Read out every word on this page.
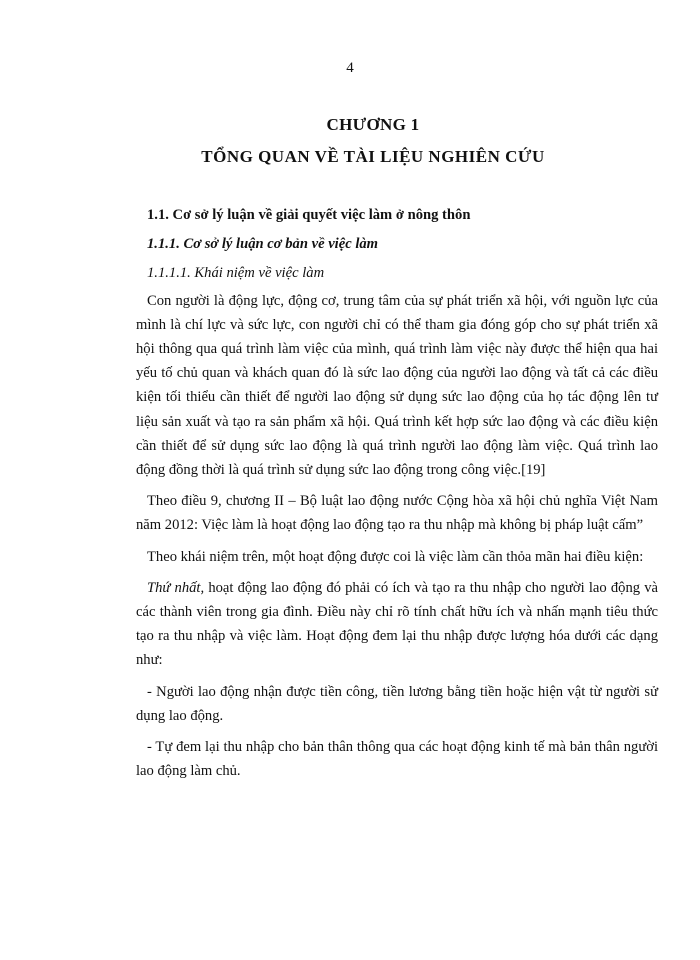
4
CHƯƠNG 1
TỔNG QUAN VỀ TÀI LIỆU NGHIÊN CỨU

1.1. Cơ sở lý luận về giải quyết việc làm ở nông thôn

1.1.1. Cơ sở lý luận cơ bản về việc làm

1.1.1.1. Khái niệm về việc làm

Con người là động lực, động cơ, trung tâm của sự phát triển xã hội, với nguồn lực của mình là chí lực và sức lực, con người chỉ có thể tham gia đóng góp cho sự phát triển xã hội thông qua quá trình làm việc của mình, quá trình làm việc này được thể hiện qua hai yếu tố chủ quan và khách quan đó là sức lao động của người lao động và tất cả các điều kiện tối thiểu cần thiết để người lao động sử dụng sức lao động của họ tác động lên tư liệu sản xuất và tạo ra sản phẩm xã hội. Quá trình kết hợp sức lao động và các điều kiện cần thiết để sử dụng sức lao động là quá trình người lao động làm việc. Quá trình lao động đồng thời là quá trình sử dụng sức lao động trong công việc.[19]

Theo điều 9, chương II – Bộ luật lao động nước Cộng hòa xã hội chủ nghĩa Việt Nam năm 2012: Việc làm là hoạt động lao động tạo ra thu nhập mà không bị pháp luật cấm”

Theo khái niệm trên, một hoạt động được coi là việc làm cần thỏa mãn hai điều kiện:

Thứ nhất, hoạt động lao động đó phải có ích và tạo ra thu nhập cho người lao động và các thành viên trong gia đình. Điều này chỉ rõ tính chất hữu ích và nhấn mạnh tiêu thức tạo ra thu nhập và việc làm. Hoạt động đem lại thu nhập được lượng hóa dưới các dạng như:

- Người lao động nhận được tiền công, tiền lương bằng tiền hoặc hiện vật từ người sử dụng lao động.

- Tự đem lại thu nhập cho bản thân thông qua các hoạt động kinh tế mà bản thân người lao động làm chủ.
